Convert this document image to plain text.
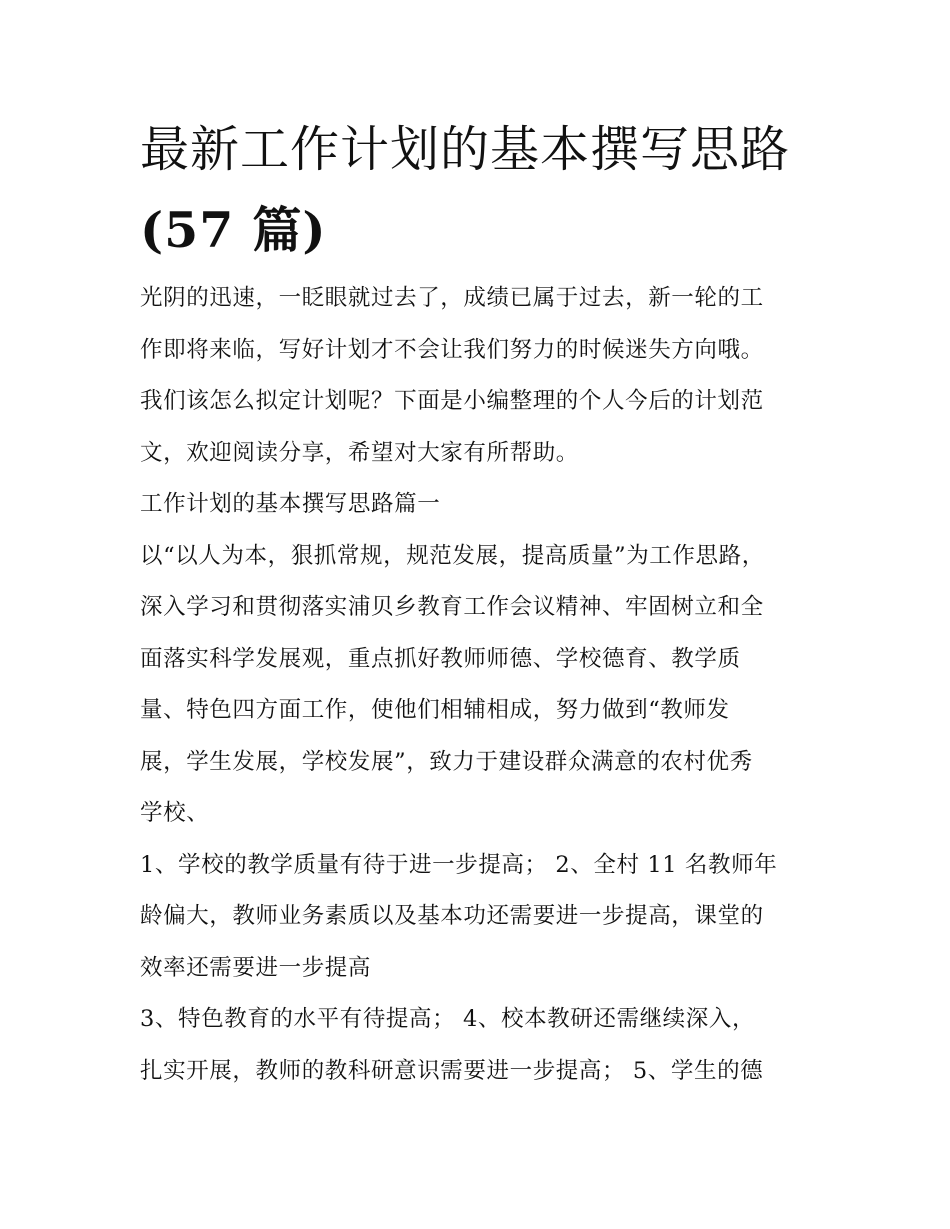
最新工作计划的基本撰写思路
(57 篇)
光阴的迅速，一眨眼就过去了，成绩已属于过去，新一轮的工
作即将来临，写好计划才不会让我们努力的时候迷失方向哦。
我们该怎么拟定计划呢？下面是小编整理的个人今后的计划范
文，欢迎阅读分享，希望对大家有所帮助。
工作计划的基本撰写思路篇一
以“以人为本，狠抓常规，规范发展，提高质量”为工作思路，
深入学习和贯彻落实浦贝乡教育工作会议精神、牢固树立和全
面落实科学发展观，重点抓好教师师德、学校德育、教学质
量、特色四方面工作，使他们相辅相成，努力做到“教师发
展，学生发展，学校发展”，致力于建设群众满意的农村优秀
学校、
1、学校的教学质量有待于进一步提高； 2、全村 11 名教师年
龄偏大，教师业务素质以及基本功还需要进一步提高，课堂的
效率还需要进一步提高
3、特色教育的水平有待提高； 4、校本教研还需继续深入，
扎实开展，教师的教科研意识需要进一步提高； 5、学生的德
